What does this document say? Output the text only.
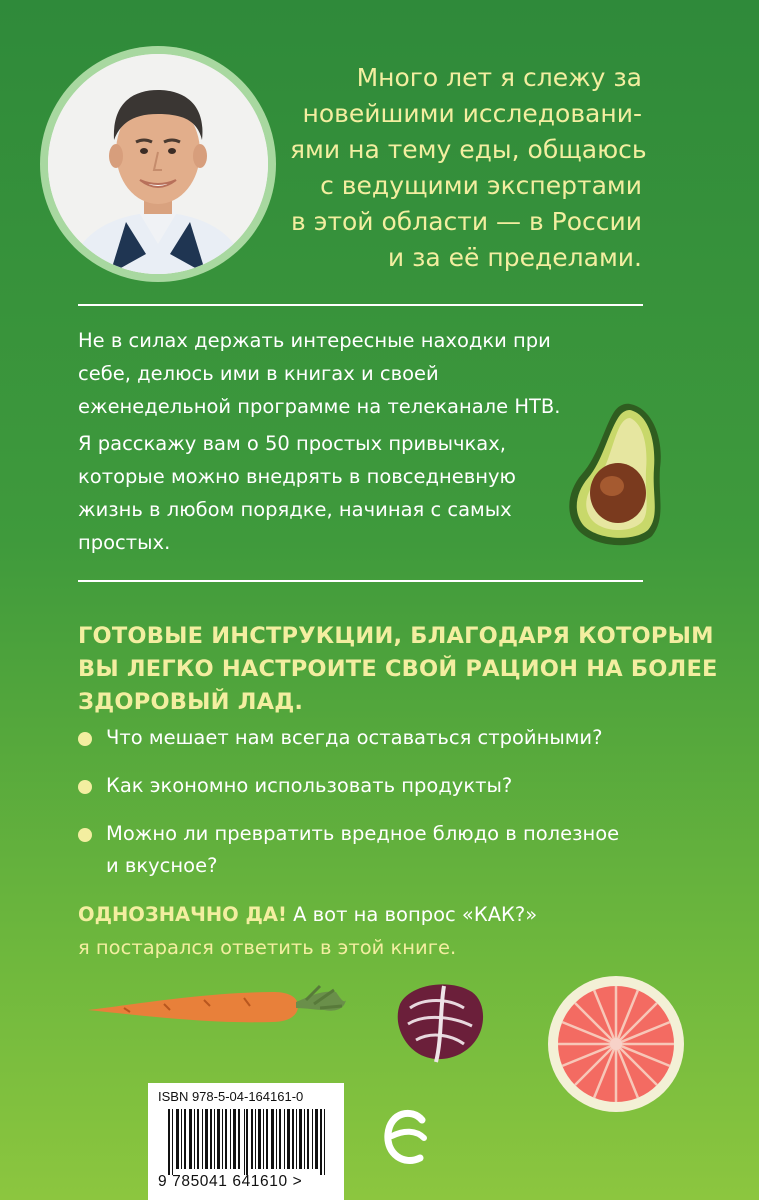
Много лет я слежу за
новейшими исследовани-
ями на тему еды, общаюсь
с ведущими экспертами
в этой области — в России
и за её пределами.
Не в силах держать интересные находки при
себе, делюсь ими в книгах и своей
еженедельной программе на телеканале НТВ.
Я расскажу вам о 50 простых привычках,
которые можно внедрять в повседневную
жизнь в любом порядке, начиная с самых
простых.
ГОТОВЫЕ ИНСТРУКЦИИ, БЛАГОДАРЯ КОТОРЫМ
ВЫ ЛЕГКО НАСТРОИТЕ СВОЙ РАЦИОН НА БОЛЕЕ
ЗДОРОВЫЙ ЛАД.
Что мешает нам всегда оставаться стройными?
Как экономно использовать продукты?
Можно ли превратить вредное блюдо в полезное
и вкусное?
ОДНОЗНАЧНО ДА! А вот на вопрос «КАК?»
я постарался ответить в этой книге.
ISBN 978-5-04-164161-0
9 785041 641610 >
